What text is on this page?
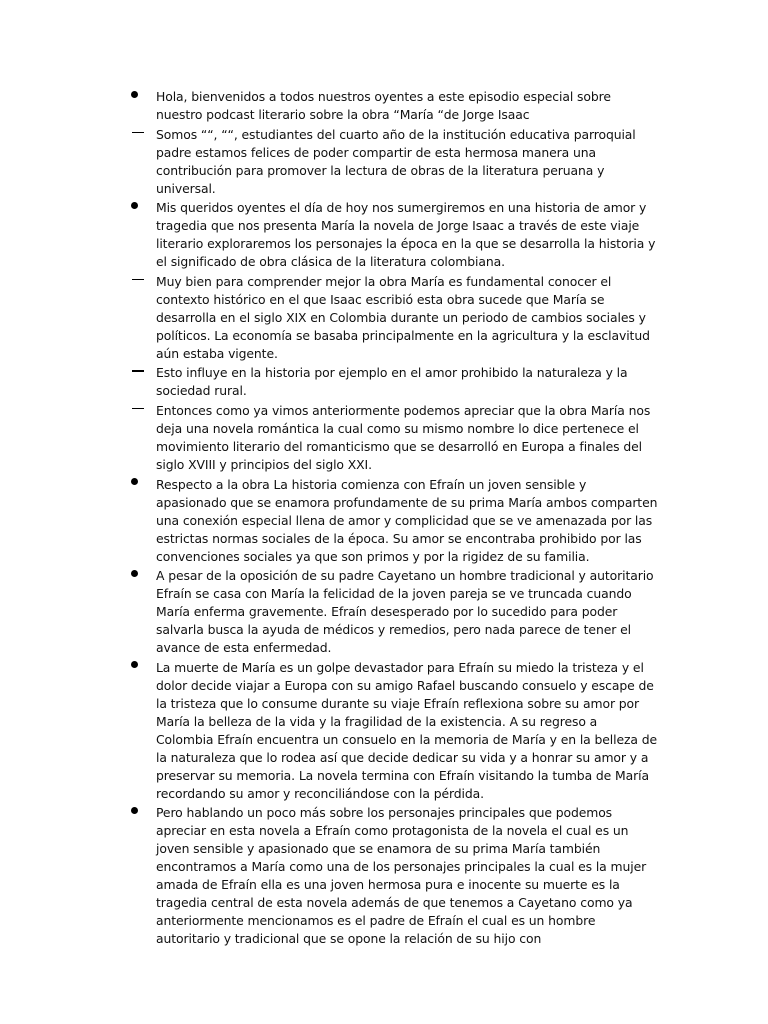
Hola, bienvenidos a todos nuestros oyentes a este episodio especial sobre nuestro podcast literario sobre la obra “María “de Jorge Isaac
Somos ““, ““, estudiantes del cuarto año de la institución educativa parroquial padre estamos felices de poder compartir de esta hermosa manera una contribución para promover la lectura de obras de la literatura peruana y universal.
Mis queridos oyentes el día de hoy nos sumergiremos en una historia de amor y tragedia que nos presenta María la novela de Jorge Isaac a través de este viaje literario exploraremos los personajes la época en la que se desarrolla la historia y el significado de obra clásica de la literatura colombiana.
Muy bien para comprender mejor la obra María es fundamental conocer el contexto histórico en el que Isaac escribió esta obra sucede que María se desarrolla en el siglo XIX en Colombia durante un periodo de cambios sociales y políticos. La economía se basaba principalmente en la agricultura y la esclavitud aún estaba vigente.
Esto influye en la historia por ejemplo en el amor prohibido la naturaleza y la sociedad rural.
Entonces como ya vimos anteriormente podemos apreciar que la obra María nos deja una novela romántica la cual como su mismo nombre lo dice pertenece el movimiento literario del romanticismo que se desarrolló en Europa a finales del siglo XVIII y principios del siglo XXI.
Respecto a la obra La historia comienza con Efraín un joven sensible y apasionado que se enamora profundamente de su prima María ambos comparten una conexión especial llena de amor y complicidad que se ve amenazada por las estrictas normas sociales de la época. Su amor se encontraba prohibido por las convenciones sociales ya que son primos y por la rigidez de su familia.
A pesar de la oposición de su padre Cayetano un hombre tradicional y autoritario Efraín se casa con María la felicidad de la joven pareja se ve truncada cuando María enferma gravemente. Efraín desesperado por lo sucedido para poder salvarla busca la ayuda de médicos y remedios, pero nada parece de tener el avance de esta enfermedad.
La muerte de María es un golpe devastador para Efraín su miedo la tristeza y el dolor decide viajar a Europa con su amigo Rafael buscando consuelo y escape de la tristeza que lo consume durante su viaje Efraín reflexiona sobre su amor por María la belleza de la vida y la fragilidad de la existencia. A su regreso a Colombia Efraín encuentra un consuelo en la memoria de María y en la belleza de la naturaleza que lo rodea así que decide dedicar su vida y a honrar su amor y a preservar su memoria. La novela termina con Efraín visitando la tumba de María recordando su amor y reconciliándose con la pérdida.
Pero hablando un poco más sobre los personajes principales que podemos apreciar en esta novela a Efraín como protagonista de la novela el cual es un joven sensible y apasionado que se enamora de su prima María también encontramos a María como una de los personajes principales la cual es la mujer amada de Efraín ella es una joven hermosa pura e inocente su muerte es la tragedia central de esta novela además de que tenemos a Cayetano como ya anteriormente mencionamos es el padre de Efraín el cual es un hombre autoritario y tradicional que se opone la relación de su hijo con
